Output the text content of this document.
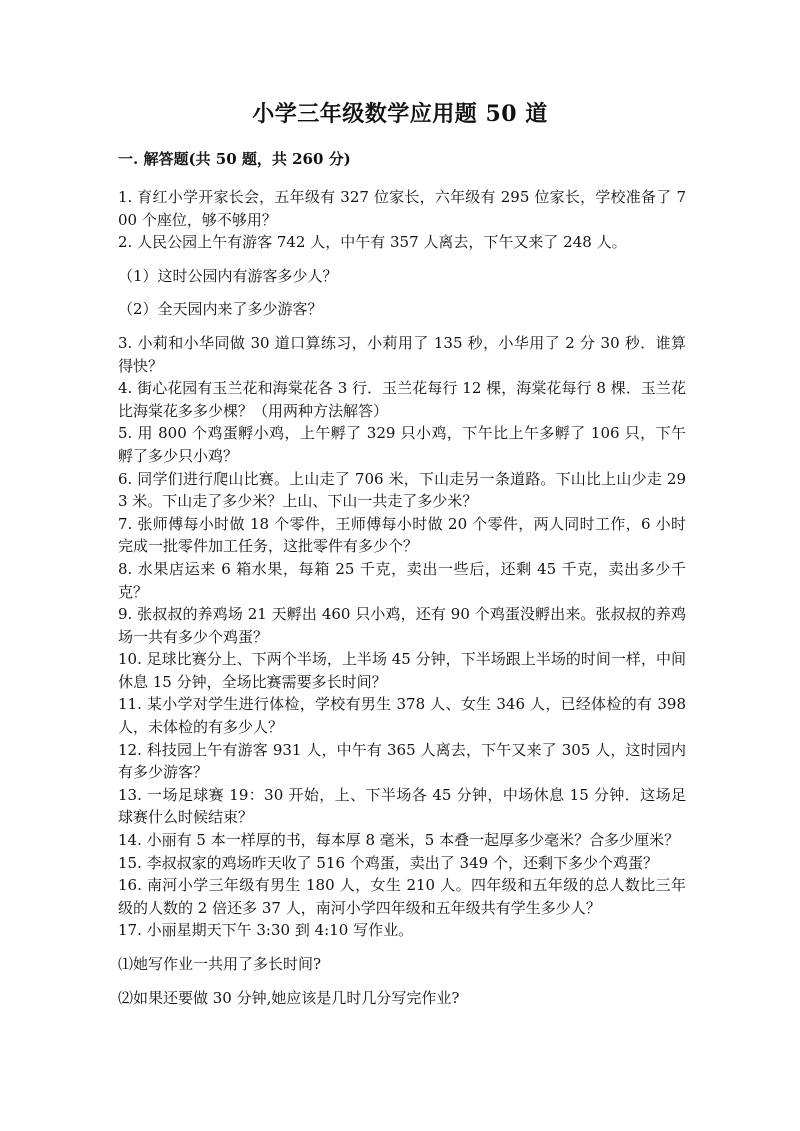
小学三年级数学应用题 50 道
一. 解答题(共 50 题，共 260 分)

1. 育红小学开家长会，五年级有 327 位家长，六年级有 295 位家长，学校准备了 700 个座位，够不够用？

2. 人民公园上午有游客 742 人，中午有 357 人离去，下午又来了 248 人。

（1）这时公园内有游客多少人？

（2）全天园内来了多少游客？

3. 小莉和小华同做 30 道口算练习，小莉用了 135 秒，小华用了 2 分 30 秒．谁算得快？

4. 街心花园有玉兰花和海棠花各 3 行．玉兰花每行 12 棵，海棠花每行 8 棵．玉兰花比海棠花多多少棵？（用两种方法解答）

5. 用 800 个鸡蛋孵小鸡，上午孵了 329 只小鸡，下午比上午多孵了 106 只，下午孵了多少只小鸡？

6. 同学们进行爬山比赛。上山走了 706 米，下山走另一条道路。下山比上山少走 293 米。下山走了多少米？上山、下山一共走了多少米？

7. 张师傅每小时做 18 个零件，王师傅每小时做 20 个零件，两人同时工作，6 小时完成一批零件加工任务，这批零件有多少个？

8. 水果店运来 6 箱水果，每箱 25 千克，卖出一些后，还剩 45 千克，卖出多少千克？

9. 张叔叔的养鸡场 21 天孵出 460 只小鸡，还有 90 个鸡蛋没孵出来。张叔叔的养鸡场一共有多少个鸡蛋？

10. 足球比赛分上、下两个半场，上半场 45 分钟，下半场跟上半场的时间一样，中间休息 15 分钟，全场比赛需要多长时间？

11. 某小学对学生进行体检，学校有男生 378 人、女生 346 人，已经体检的有 398 人，未体检的有多少人？

12. 科技园上午有游客 931 人，中午有 365 人离去，下午又来了 305 人，这时园内有多少游客？

13. 一场足球赛 19：30 开始，上、下半场各 45 分钟，中场休息 15 分钟．这场足球赛什么时候结束？

14. 小丽有 5 本一样厚的书，每本厚 8 毫米，5 本叠一起厚多少毫米？合多少厘米？

15. 李叔叔家的鸡场昨天收了 516 个鸡蛋，卖出了 349 个，还剩下多少个鸡蛋？

16. 南河小学三年级有男生 180 人，女生 210 人。四年级和五年级的总人数比三年级的人数的 2 倍还多 37 人，南河小学四年级和五年级共有学生多少人？

17. 小丽星期天下午 3:30 到 4:10 写作业。

⑴她写作业一共用了多长时间?

⑵如果还要做 30 分钟,她应该是几时几分写完作业?
